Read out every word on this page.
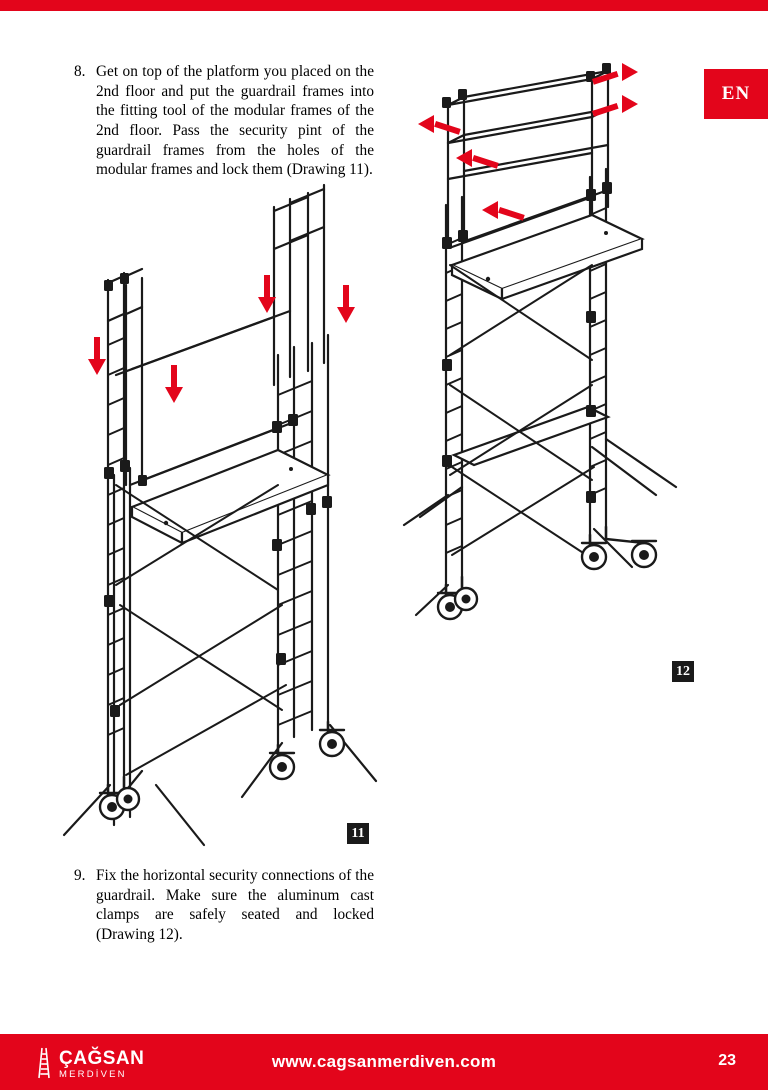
EN
8. Get on top of the platform you placed on the 2nd floor and put the guardrail frames into the fitting tool of the modular frames of the 2nd floor. Pass the security pint of the guardrail frames from the holes of the modular frames and lock them (Drawing 11).
11
12
9. Fix the horizontal security connections of the guardrail. Make sure the aluminum cast clamps are safely seated and locked (Drawing 12).
www.cagsanmerdiven.com	23
ÇAĞSAN
MERDİVEN
